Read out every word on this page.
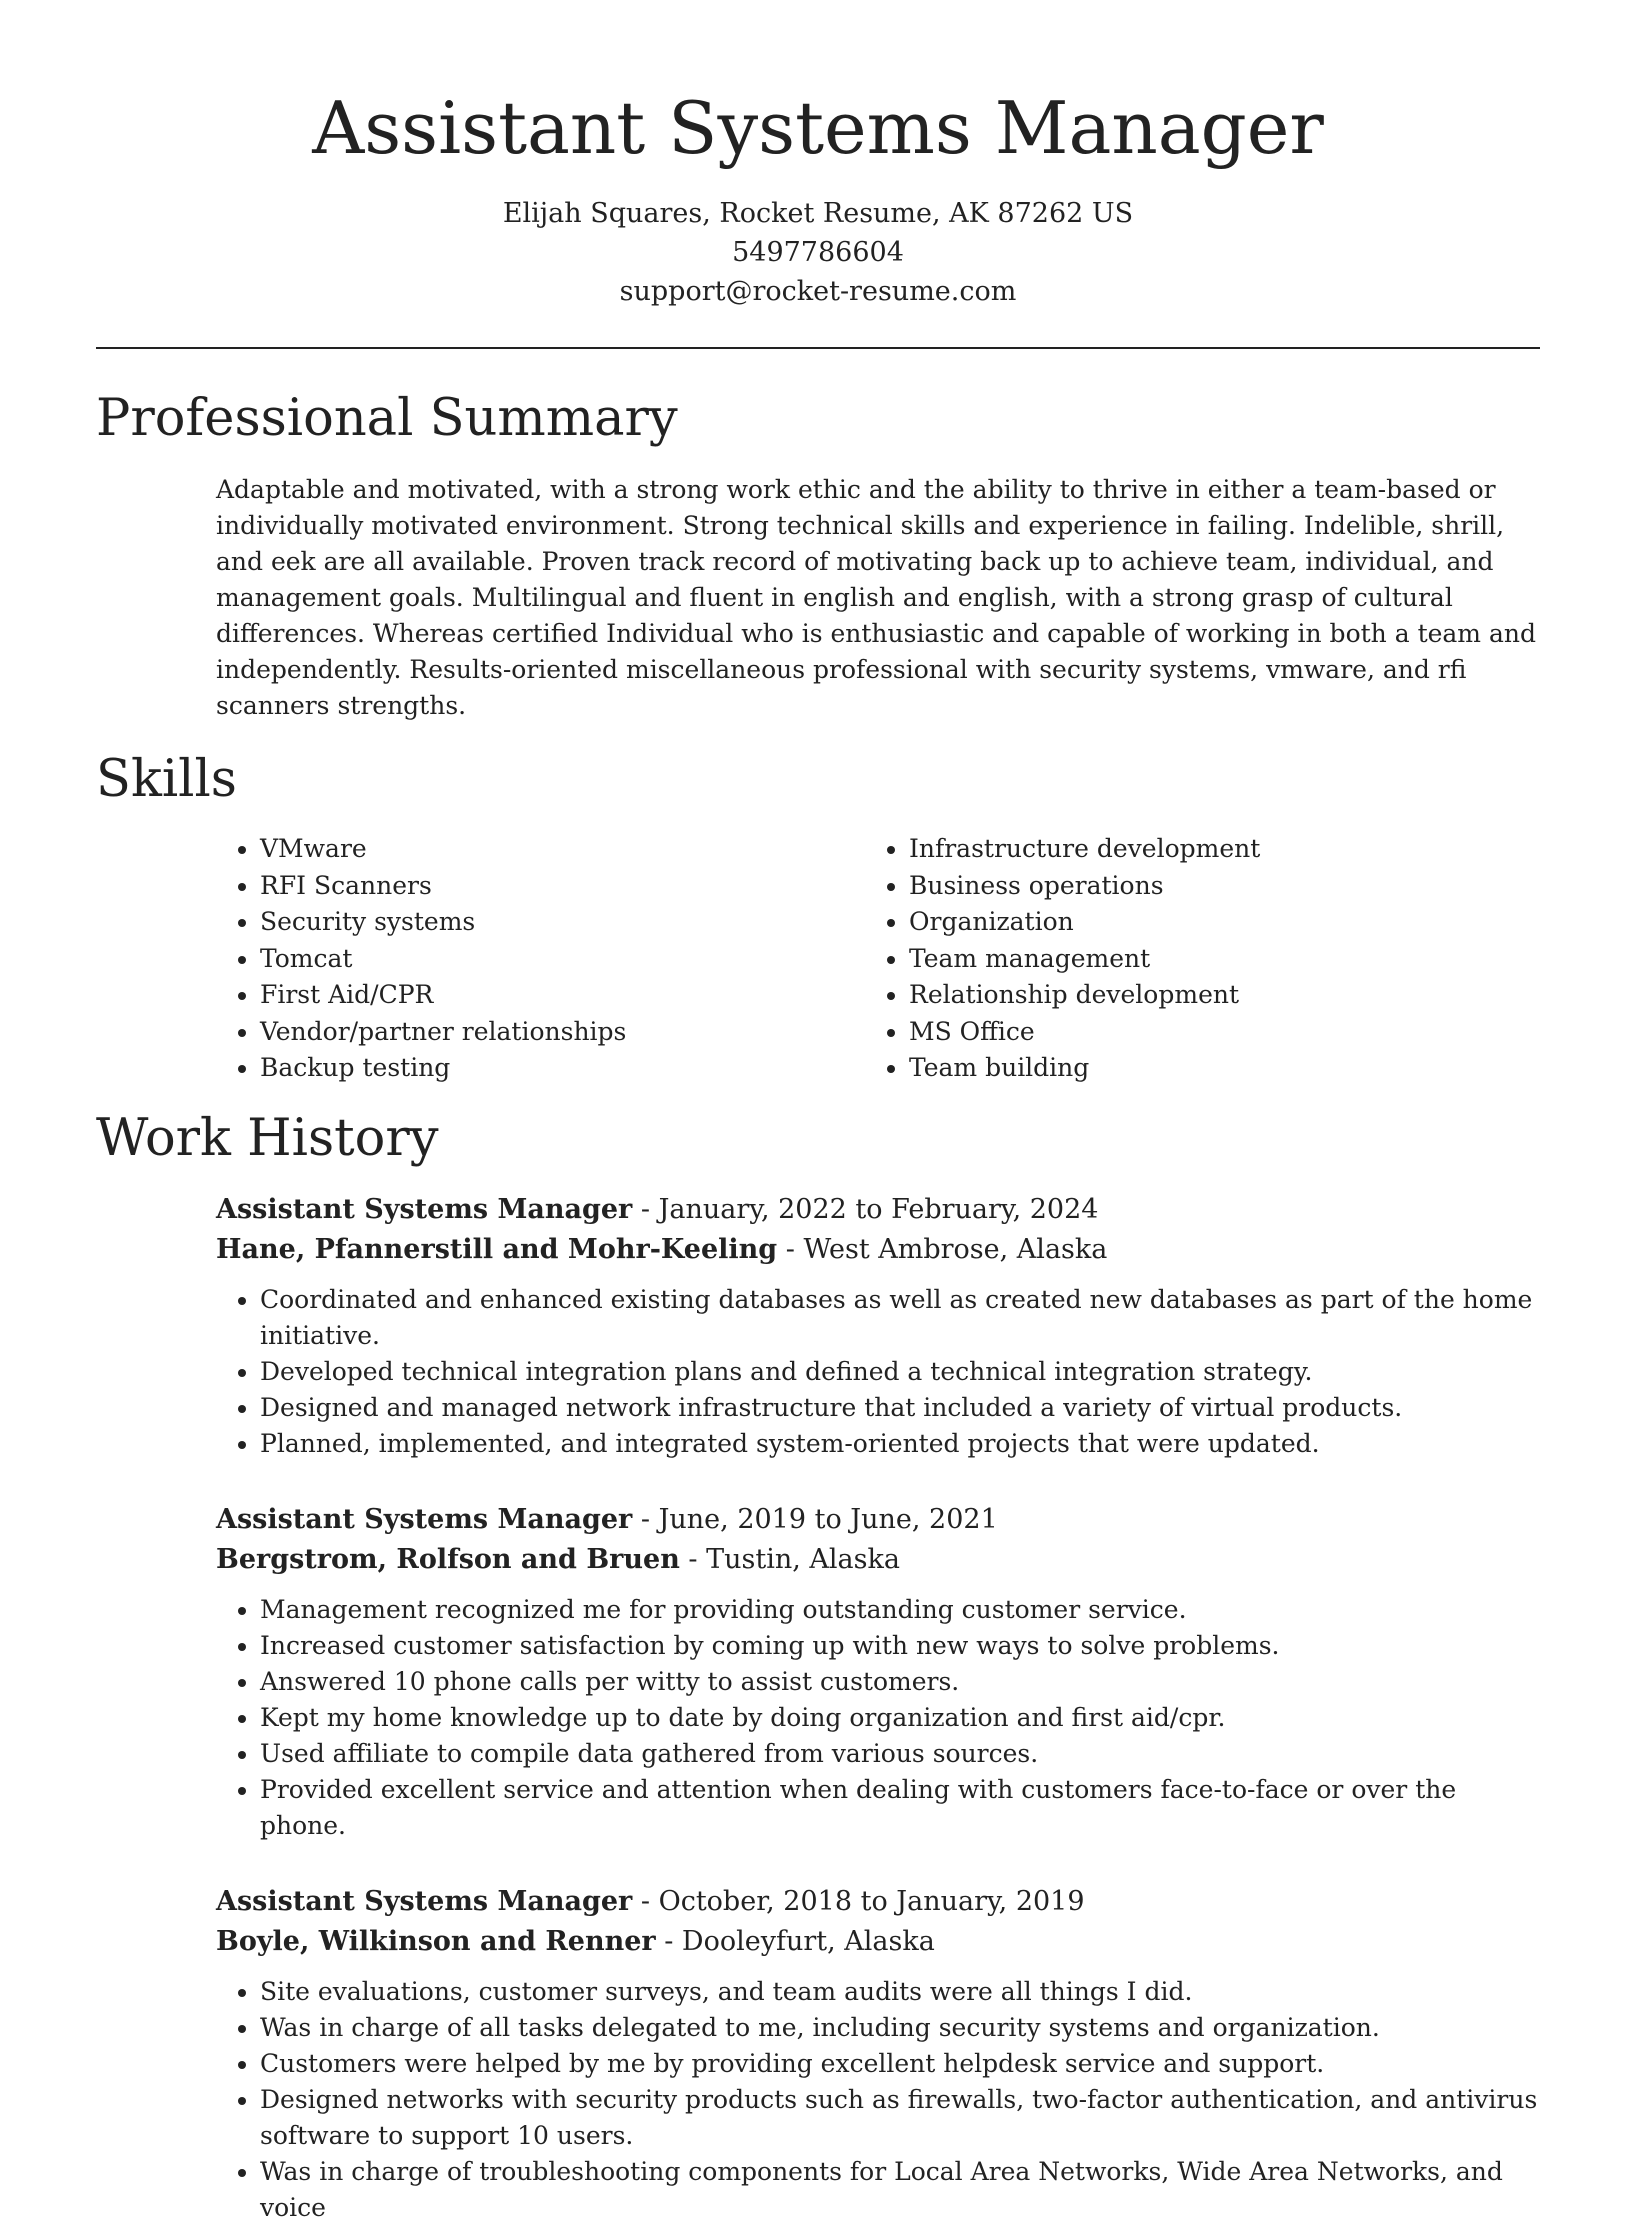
Assistant Systems Manager
Elijah Squares, Rocket Resume, AK 87262 US
5497786604
support@rocket-resume.com
Professional Summary

Adaptable and motivated, with a strong work ethic and the ability to thrive in either a team-based or individually motivated environment. Strong technical skills and experience in failing. Indelible, shrill, and eek are all available. Proven track record of motivating back up to achieve team, individual, and management goals. Multilingual and fluent in english and english, with a strong grasp of cultural differences. Whereas certified Individual who is enthusiastic and capable of working in both a team and independently. Results-oriented miscellaneous professional with security systems, vmware, and rfi scanners strengths.

Skills
• VMware
• RFI Scanners
• Security systems
• Tomcat
• First Aid/CPR
• Vendor/partner relationships
• Backup testing
• Infrastructure development
• Business operations
• Organization
• Team management
• Relationship development
• MS Office
• Team building
Work History
Assistant Systems Manager - January, 2022 to February, 2024
Hane, Pfannerstill and Mohr-Keeling - West Ambrose, Alaska
• Coordinated and enhanced existing databases as well as created new databases as part of the home initiative.
• Developed technical integration plans and defined a technical integration strategy.
• Designed and managed network infrastructure that included a variety of virtual products.
• Planned, implemented, and integrated system-oriented projects that were updated.
Assistant Systems Manager - June, 2019 to June, 2021
Bergstrom, Rolfson and Bruen - Tustin, Alaska
• Management recognized me for providing outstanding customer service.
• Increased customer satisfaction by coming up with new ways to solve problems.
• Answered 10 phone calls per witty to assist customers.
• Kept my home knowledge up to date by doing organization and first aid/cpr.
• Used affiliate to compile data gathered from various sources.
• Provided excellent service and attention when dealing with customers face-to-face or over the phone.
Assistant Systems Manager - October, 2018 to January, 2019
Boyle, Wilkinson and Renner - Dooleyfurt, Alaska
• Site evaluations, customer surveys, and team audits were all things I did.
• Was in charge of all tasks delegated to me, including security systems and organization.
• Customers were helped by me by providing excellent helpdesk service and support.
• Designed networks with security products such as firewalls, two-factor authentication, and antivirus software to support 10 users.
• Was in charge of troubleshooting components for Local Area Networks, Wide Area Networks, and voice
